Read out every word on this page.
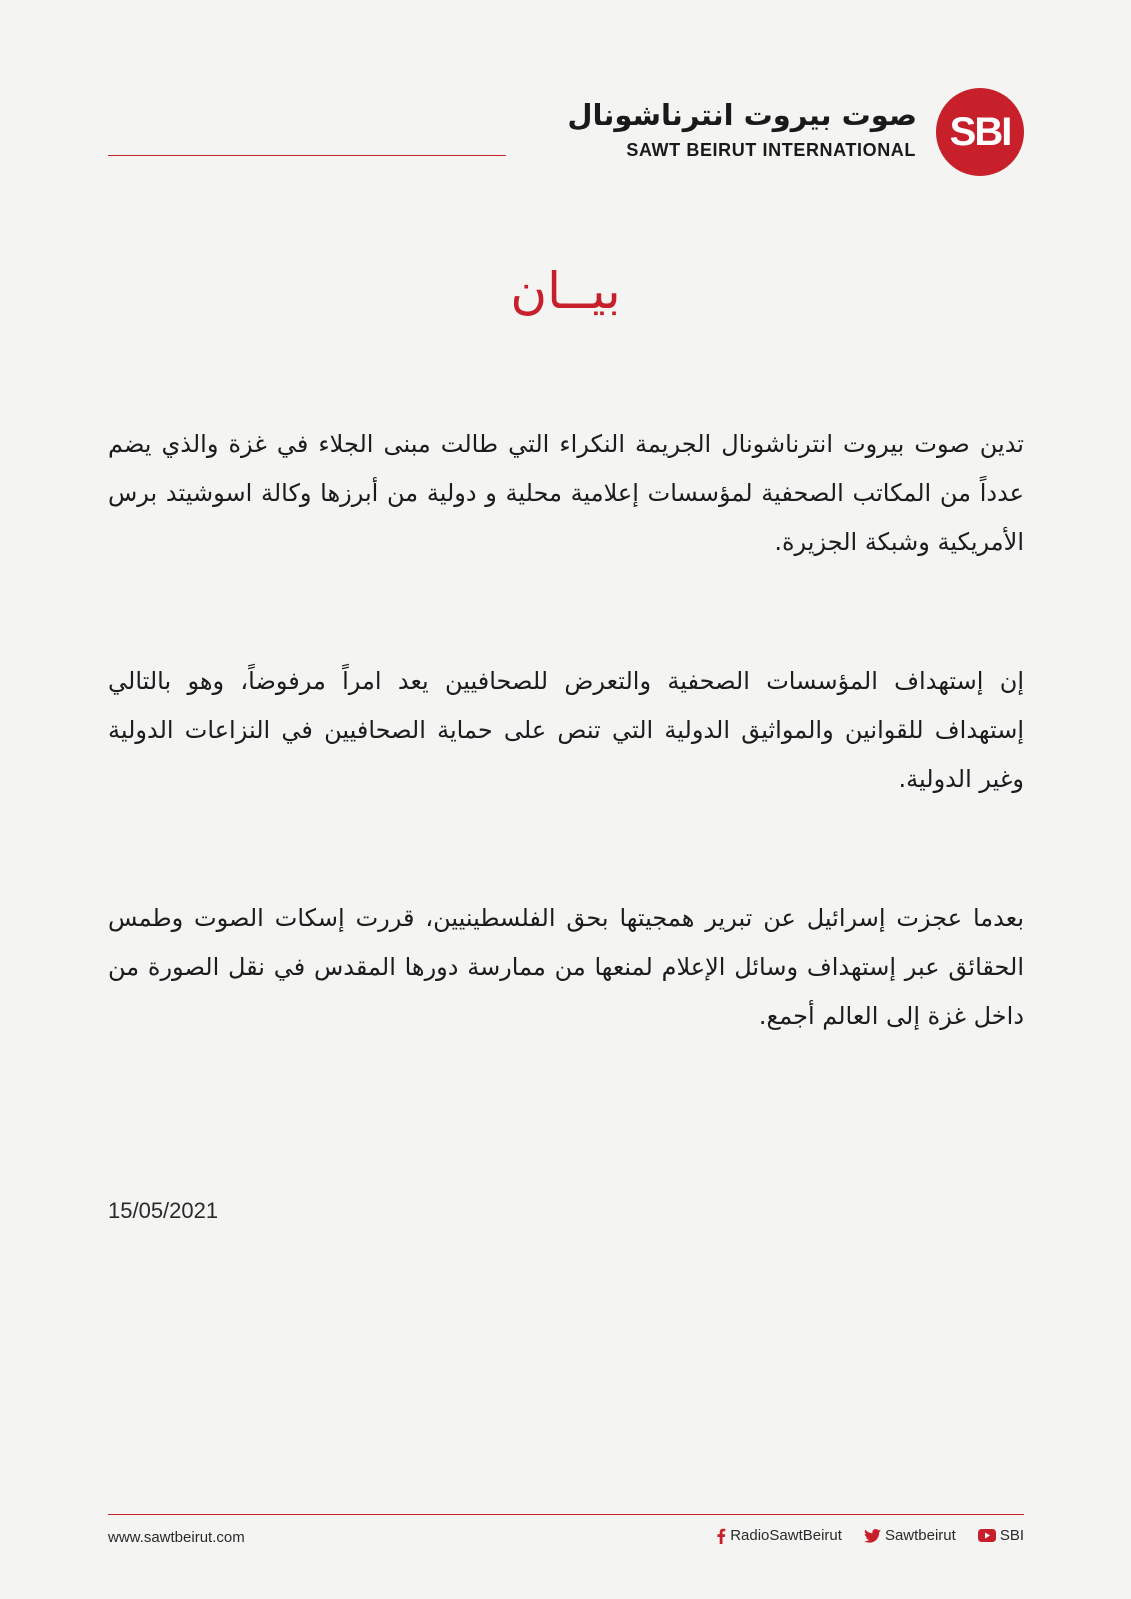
SBI
صوت بيروت انترناشونال
SAWT BEIRUT INTERNATIONAL
بيــان

تدين صوت بيروت انترناشونال الجريمة النكراء التي طالت مبنى الجلاء في غزة والذي يضم عدداً من المكاتب الصحفية لمؤسسات إعلامية محلية و دولية من أبرزها وكالة اسوشيتد برس الأمريكية وشبكة الجزيرة.

إن إستهداف المؤسسات الصحفية والتعرض للصحافيين يعد امراً مرفوضاً، وهو بالتالي إستهداف للقوانين والمواثيق الدولية التي تنص على حماية الصحافيين في النزاعات الدولية وغير الدولية.

بعدما عجزت إسرائيل عن تبرير همجيتها بحق الفلسطينيين، قررت إسكات الصوت وطمس الحقائق عبر إستهداف وسائل الإعلام لمنعها من ممارسة دورها المقدس في نقل الصورة من داخل غزة إلى العالم أجمع.

15/05/2021
www.sawtbeirut.com	RadioSawtBeirut	Sawtbeirut	SBI
